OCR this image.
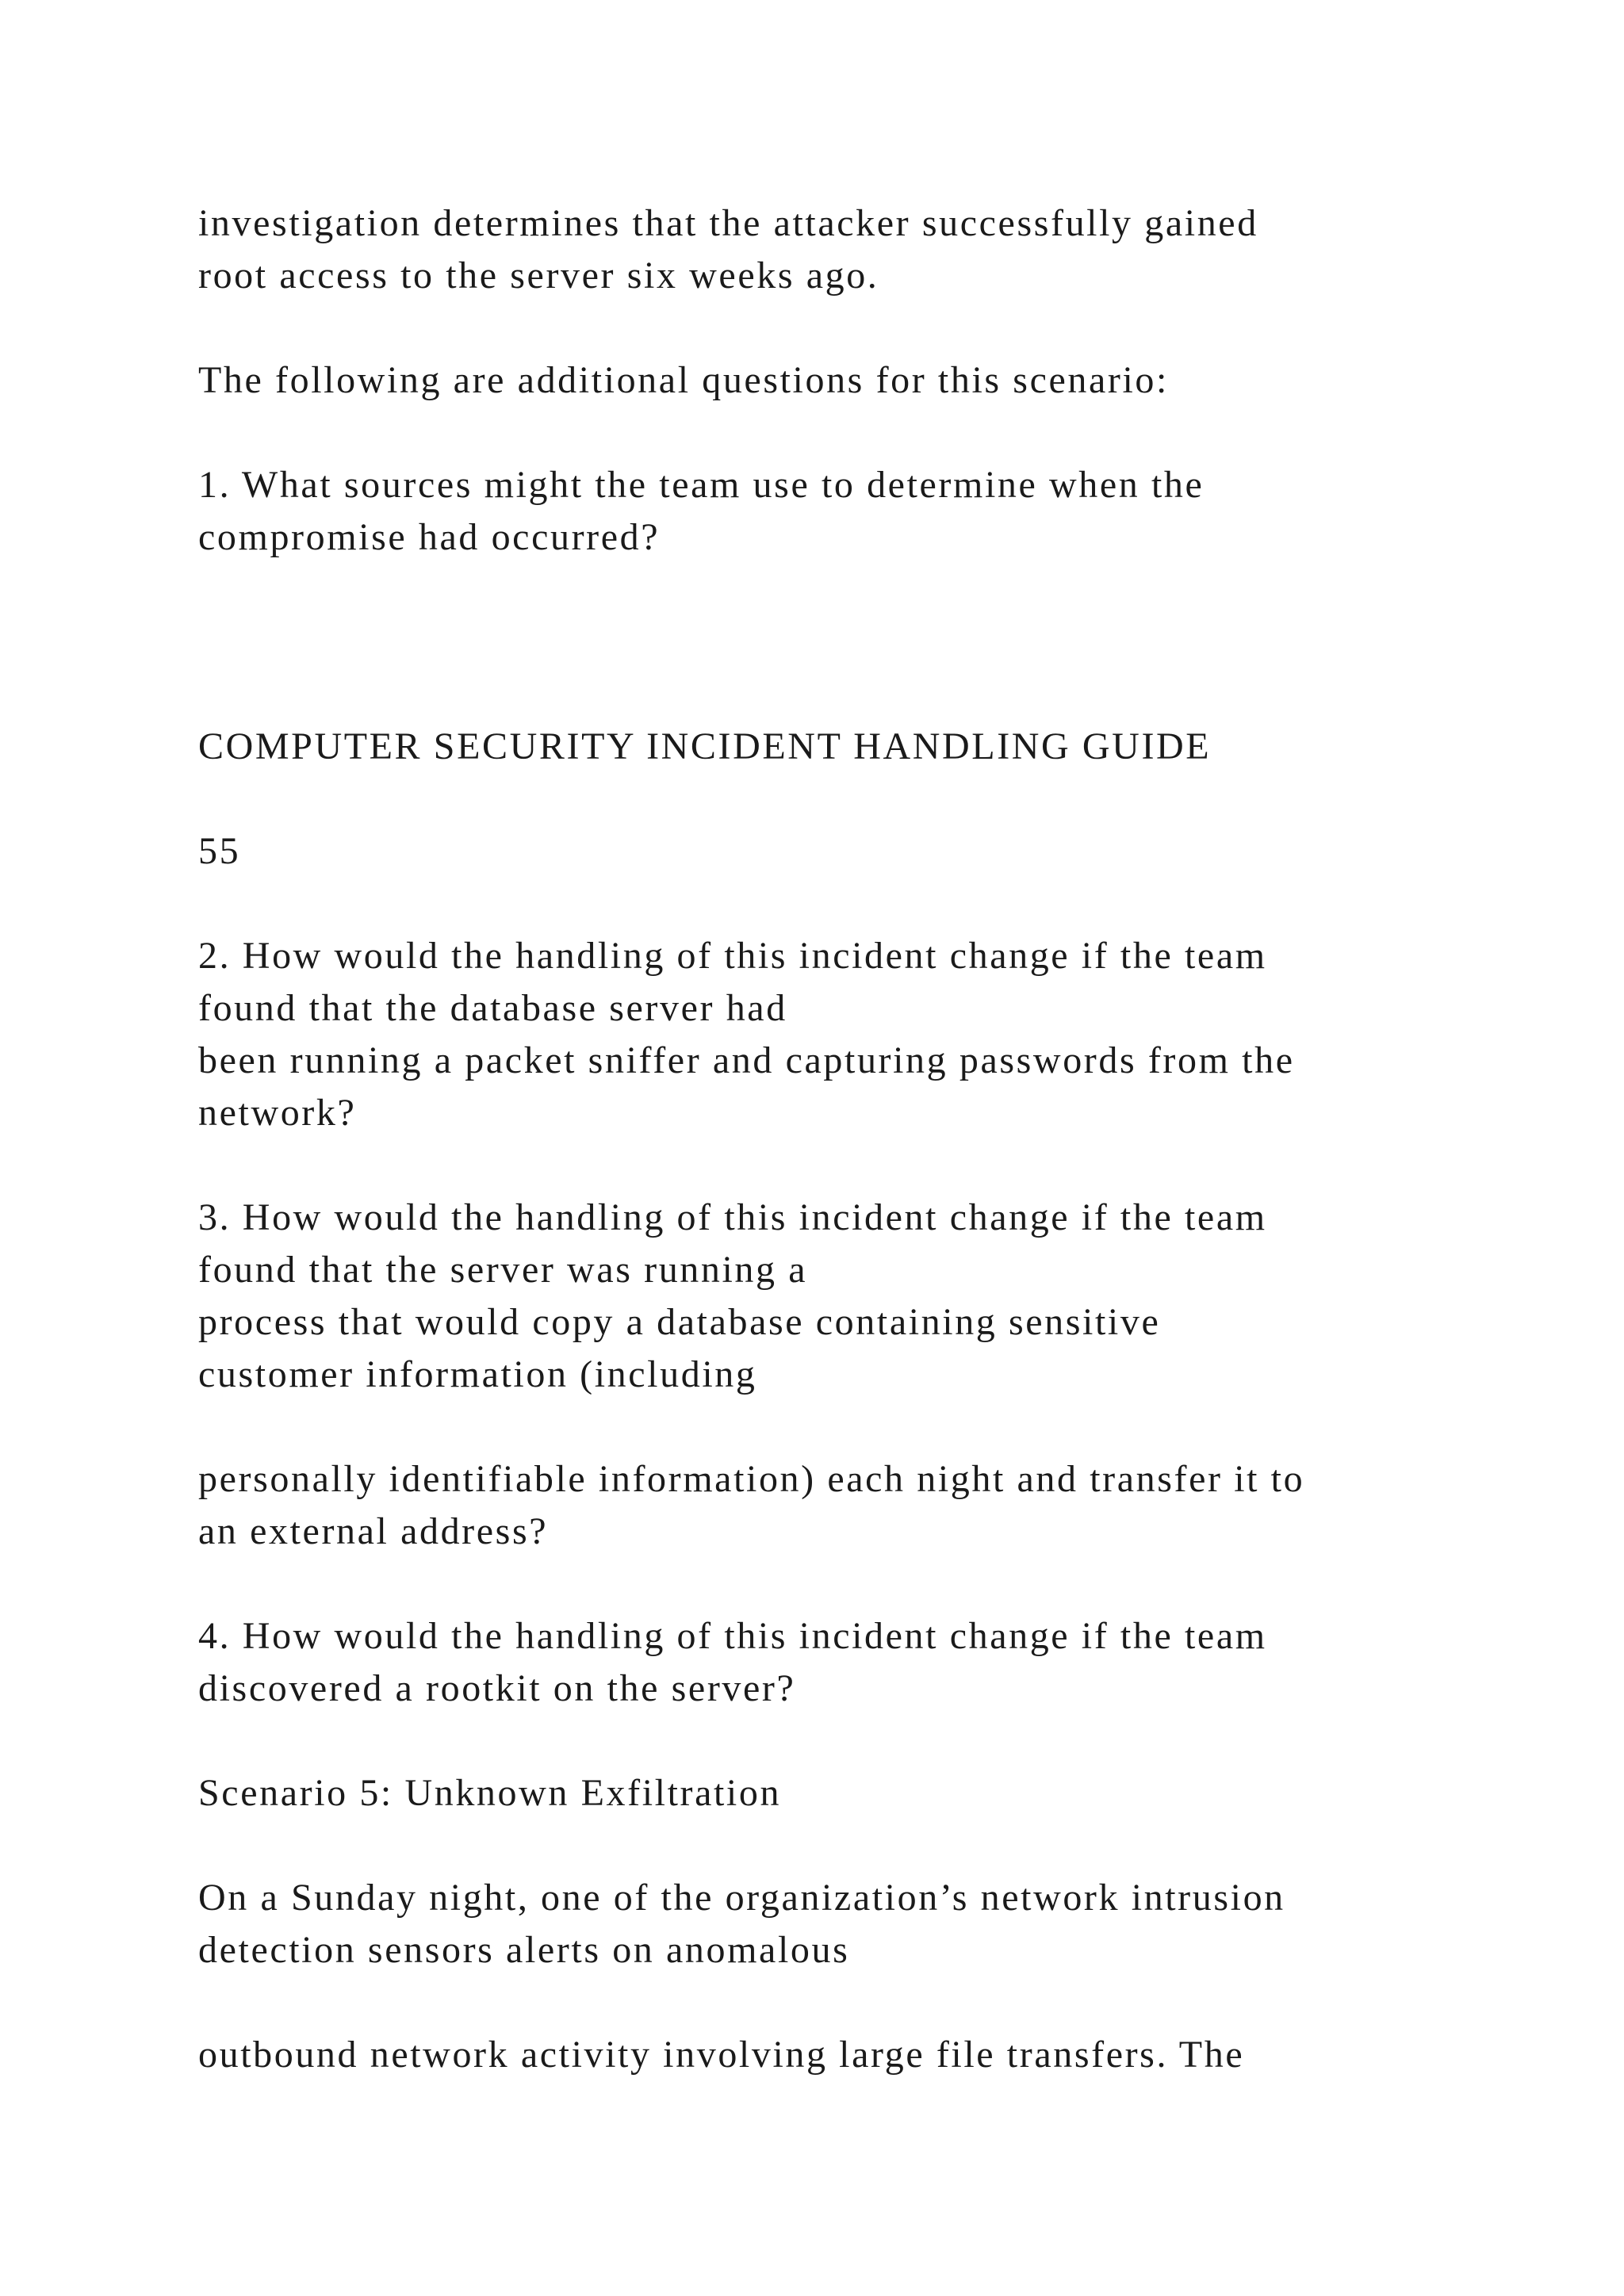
investigation determines that the attacker successfully gained
root access to the server six weeks ago.
The following are additional questions for this scenario:
1. What sources might the team use to determine when the
compromise had occurred?
COMPUTER SECURITY INCIDENT HANDLING GUIDE
55
2. How would the handling of this incident change if the team
found that the database server had
been running a packet sniffer and capturing passwords from the
network?
3. How would the handling of this incident change if the team
found that the server was running a
process that would copy a database containing sensitive
customer information (including
personally identifiable information) each night and transfer it to
an external address?
4. How would the handling of this incident change if the team
discovered a rootkit on the server?
Scenario 5: Unknown Exfiltration
On a Sunday night, one of the organization’s network intrusion
detection sensors alerts on anomalous
outbound network activity involving large file transfers. The
